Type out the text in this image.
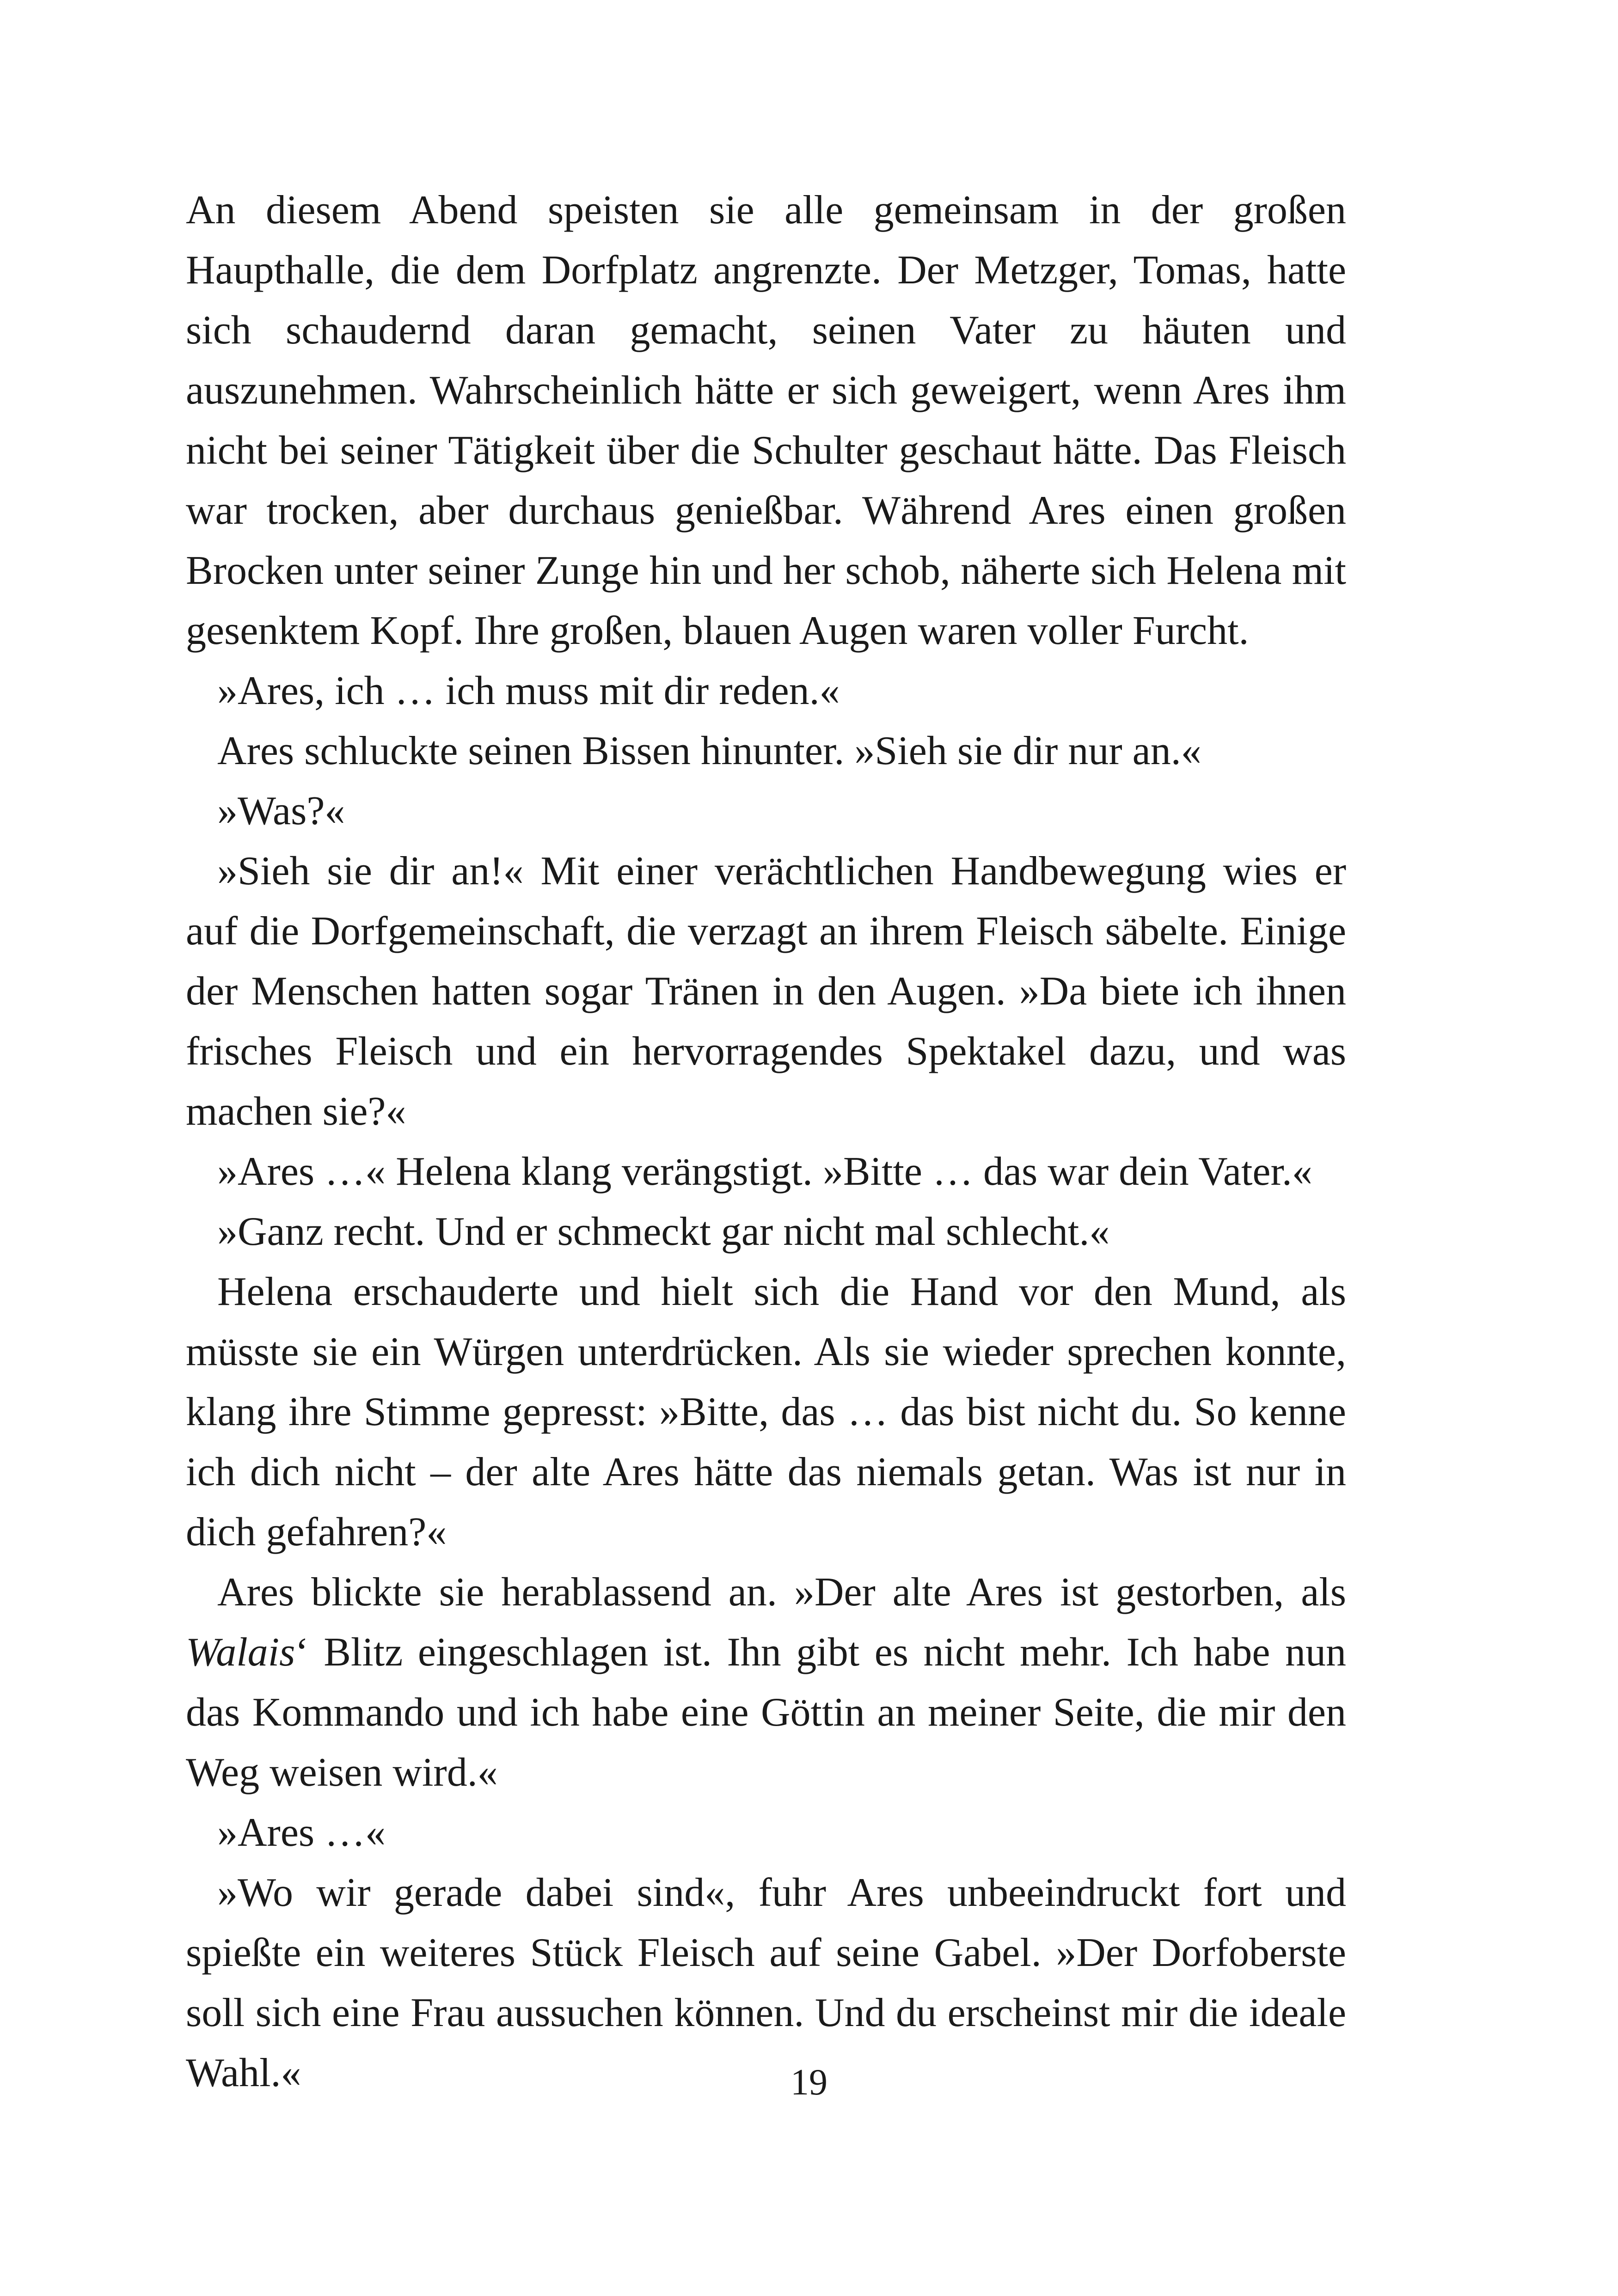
An diesem Abend speisten sie alle gemeinsam in der großen Haupthalle, die dem Dorfplatz angrenzte. Der Metzger, Tomas, hatte sich schaudernd daran gemacht, seinen Vater zu häuten und auszunehmen. Wahrscheinlich hätte er sich geweigert, wenn Ares ihm nicht bei seiner Tätigkeit über die Schulter geschaut hätte. Das Fleisch war trocken, aber durchaus genießbar. Während Ares einen großen Brocken unter seiner Zunge hin und her schob, näherte sich Helena mit gesenktem Kopf. Ihre großen, blauen Augen waren voller Furcht.

»Ares, ich … ich muss mit dir reden.«

Ares schluckte seinen Bissen hinunter. »Sieh sie dir nur an.«

»Was?«

»Sieh sie dir an!« Mit einer verächtlichen Handbewegung wies er auf die Dorfgemeinschaft, die verzagt an ihrem Fleisch säbelte. Einige der Menschen hatten sogar Tränen in den Augen. »Da biete ich ihnen frisches Fleisch und ein hervorragendes Spektakel dazu, und was machen sie?«

»Ares …« Helena klang verängstigt. »Bitte … das war dein Vater.«

»Ganz recht. Und er schmeckt gar nicht mal schlecht.«

Helena erschauderte und hielt sich die Hand vor den Mund, als müsste sie ein Würgen unterdrücken. Als sie wieder sprechen konnte, klang ihre Stimme gepresst: »Bitte, das … das bist nicht du. So kenne ich dich nicht – der alte Ares hätte das niemals getan. Was ist nur in dich gefahren?«

Ares blickte sie herablassend an. »Der alte Ares ist gestorben, als Walais‘ Blitz eingeschlagen ist. Ihn gibt es nicht mehr. Ich habe nun das Kommando und ich habe eine Göttin an meiner Seite, die mir den Weg weisen wird.«

»Ares …«

»Wo wir gerade dabei sind«, fuhr Ares unbeeindruckt fort und spießte ein weiteres Stück Fleisch auf seine Gabel. »Der Dorfoberste soll sich eine Frau aussuchen können. Und du erscheinst mir die ideale Wahl.«	19
